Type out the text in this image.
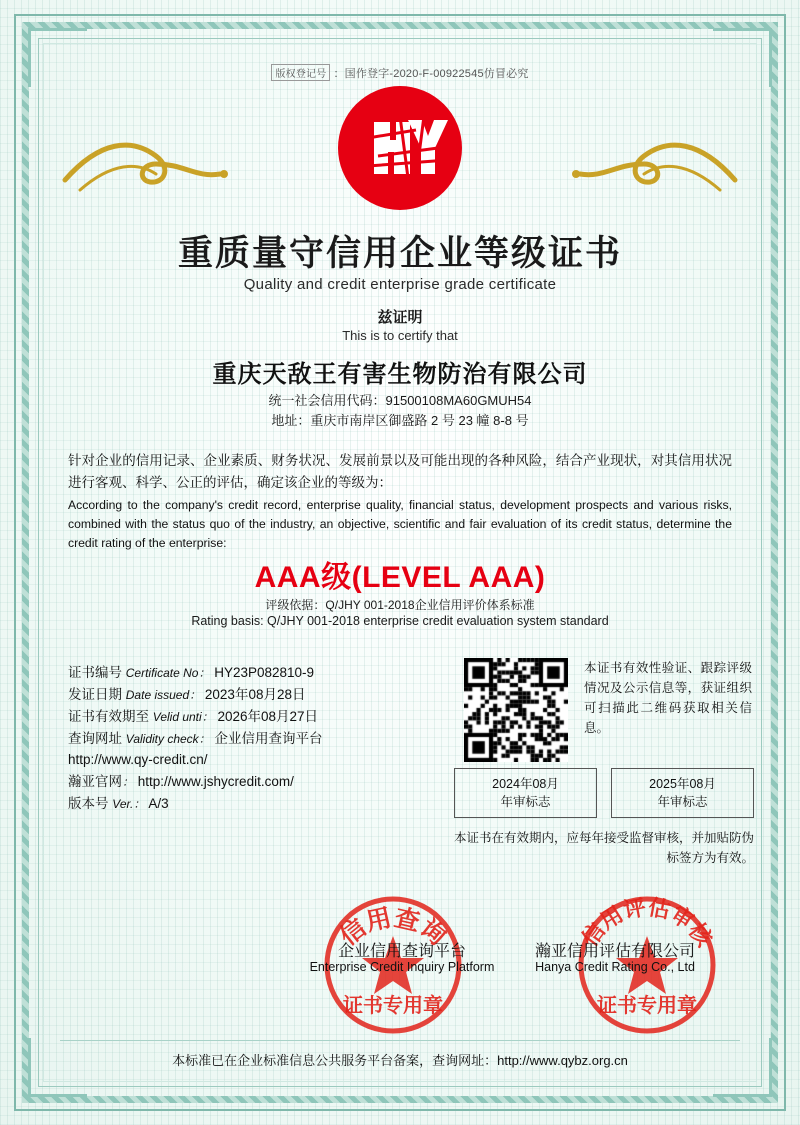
版权登记号 ：国作登字-2020-F-00922545仿冒必究
重质量守信用企业等级证书
Quality and credit enterprise grade certificate
兹证明
This is to certify that
重庆天敌王有害生物防治有限公司
统一社会信用代码：91500108MA60GMUH54
地址：重庆市南岸区御盛路 2 号 23 幢 8-8 号
针对企业的信用记录、企业素质、财务状况、发展前景以及可能出现的各种风险，结合产业现状，对其信用状况进行客观、科学、公正的评估，确定该企业的等级为：
According to the company's credit record, enterprise quality, financial status, development prospects and various risks, combined with the status quo of the industry, an objective, scientific and fair evaluation of its credit status, determine the credit rating of the enterprise:
AAA级(LEVEL AAA)
评级依据：Q/JHY 001-2018企业信用评价体系标准
Rating basis: Q/JHY 001-2018 enterprise credit evaluation system standard
证书编号 Certificate No： HY23P082810-9
发证日期 Date issued： 2023年08月28日
证书有效期至 Velid unti： 2026年08月27日
查询网址 Validity check： 企业信用查询平台
http://www.qy-credit.cn/
瀚亚官网： http://www.jshycredit.com/
版本号 Ver.： A/3
本证书有效性验证、跟踪评级情况及公示信息等，获证组织可扫描此二维码获取相关信息。
2024年08月
年审标志
2025年08月
年审标志
本证书在有效期内，应每年接受监督审核，并加贴防伪标签方为有效。
信用查询
证书专用章
信用评估审核
证书专用章
企业信用查询平台	瀚亚信用评估有限公司
Enterprise Credit Inquiry Platform	Hanya Credit Rating Co., Ltd
本标准已在企业标准信息公共服务平台备案，查询网址：http://www.qybz.org.cn
